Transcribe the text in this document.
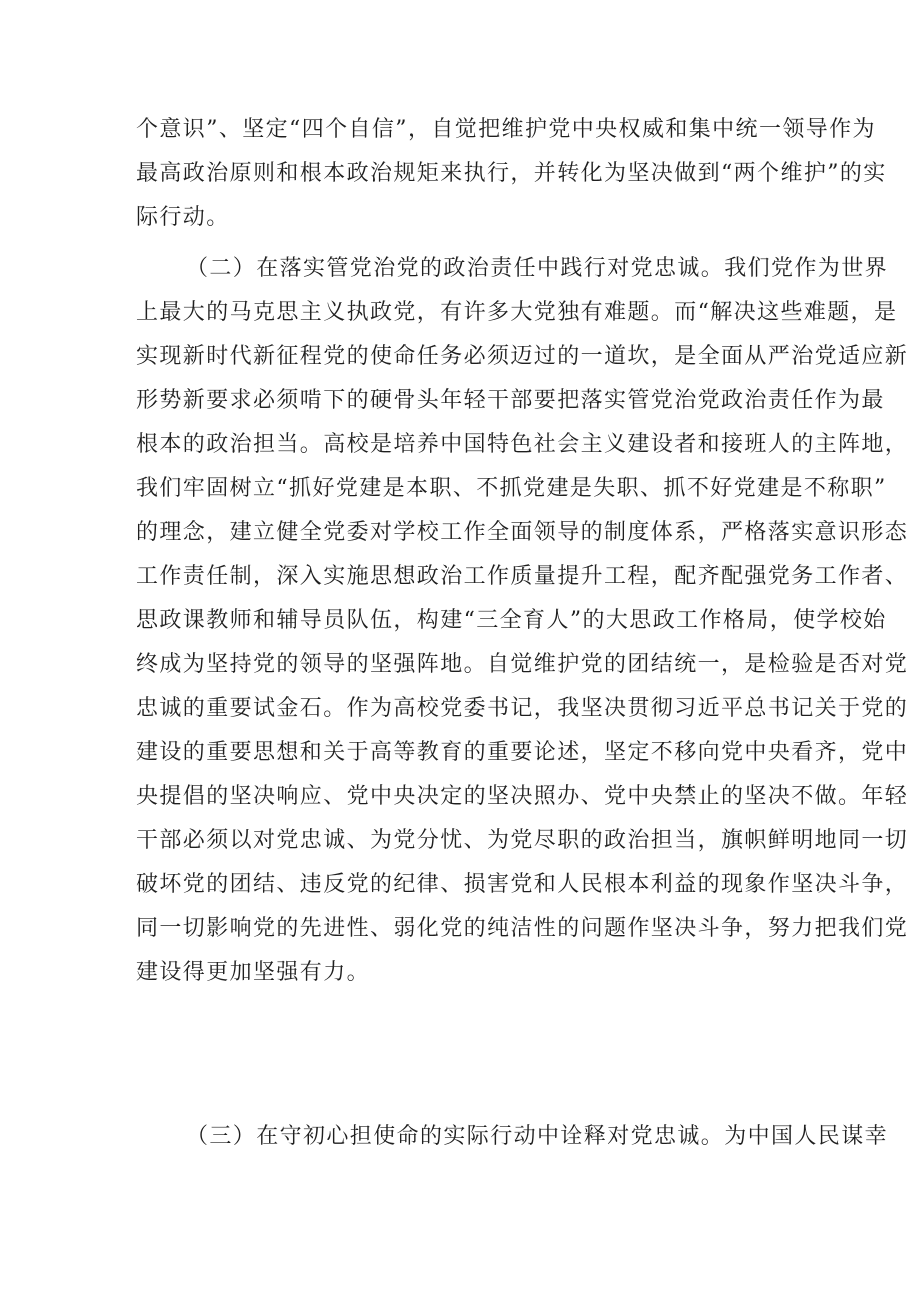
个意识”、坚定“四个自信”，自觉把维护党中央权威和集中统一领导作为
最高政治原则和根本政治规矩来执行，并转化为坚决做到“两个维护”的实
际行动。
（二）在落实管党治党的政治责任中践行对党忠诚。我们党作为世界
上最大的马克思主义执政党，有许多大党独有难题。而“解决这些难题，是
实现新时代新征程党的使命任务必须迈过的一道坎，是全面从严治党适应新
形势新要求必须啃下的硬骨头年轻干部要把落实管党治党政治责任作为最
根本的政治担当。高校是培养中国特色社会主义建设者和接班人的主阵地，
我们牢固树立“抓好党建是本职、不抓党建是失职、抓不好党建是不称职”
的理念，建立健全党委对学校工作全面领导的制度体系，严格落实意识形态
工作责任制，深入实施思想政治工作质量提升工程，配齐配强党务工作者、
思政课教师和辅导员队伍，构建“三全育人”的大思政工作格局，使学校始
终成为坚持党的领导的坚强阵地。自觉维护党的团结统一，是检验是否对党
忠诚的重要试金石。作为高校党委书记，我坚决贯彻习近平总书记关于党的
建设的重要思想和关于高等教育的重要论述，坚定不移向党中央看齐，党中
央提倡的坚决响应、党中央决定的坚决照办、党中央禁止的坚决不做。年轻
干部必须以对党忠诚、为党分忧、为党尽职的政治担当，旗帜鲜明地同一切
破坏党的团结、违反党的纪律、损害党和人民根本利益的现象作坚决斗争，
同一切影响党的先进性、弱化党的纯洁性的问题作坚决斗争，努力把我们党
建设得更加坚强有力。
（三）在守初心担使命的实际行动中诠释对党忠诚。为中国人民谋幸
